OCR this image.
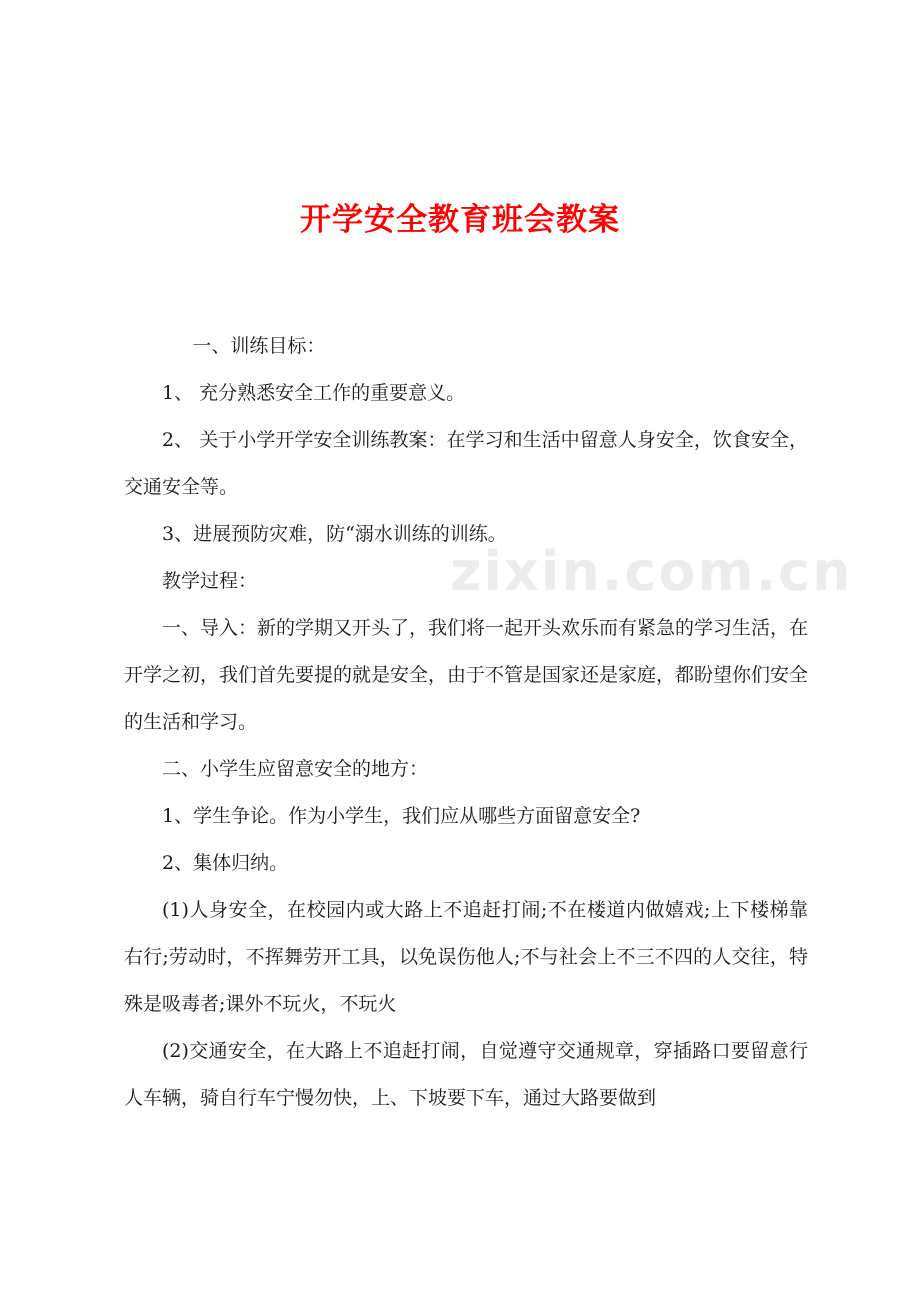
开学安全教育班会教案
zixin.com.cn

一、训练目标：

1、 充分熟悉安全工作的重要意义。

2、 关于小学开学安全训练教案：在学习和生活中留意人身安全，饮食安全，交通安全等。

3、进展预防灾难，防“溺水训练的训练。

教学过程：

一、导入：新的学期又开头了，我们将一起开头欢乐而有紧急的学习生活，在开学之初，我们首先要提的就是安全，由于不管是国家还是家庭，都盼望你们安全的生活和学习。

二、小学生应留意安全的地方：

1、学生争论。作为小学生，我们应从哪些方面留意安全?

2、集体归纳。

(1)人身安全，在校园内或大路上不追赶打闹;不在楼道内做嬉戏;上下楼梯靠右行;劳动时，不挥舞劳开工具，以免误伤他人;不与社会上不三不四的人交往，特殊是吸毒者;课外不玩火，不玩火

(2)交通安全，在大路上不追赶打闹，自觉遵守交通规章，穿插路口要留意行人车辆，骑自行车宁慢勿快，上、下坡要下车，通过大路要做到
